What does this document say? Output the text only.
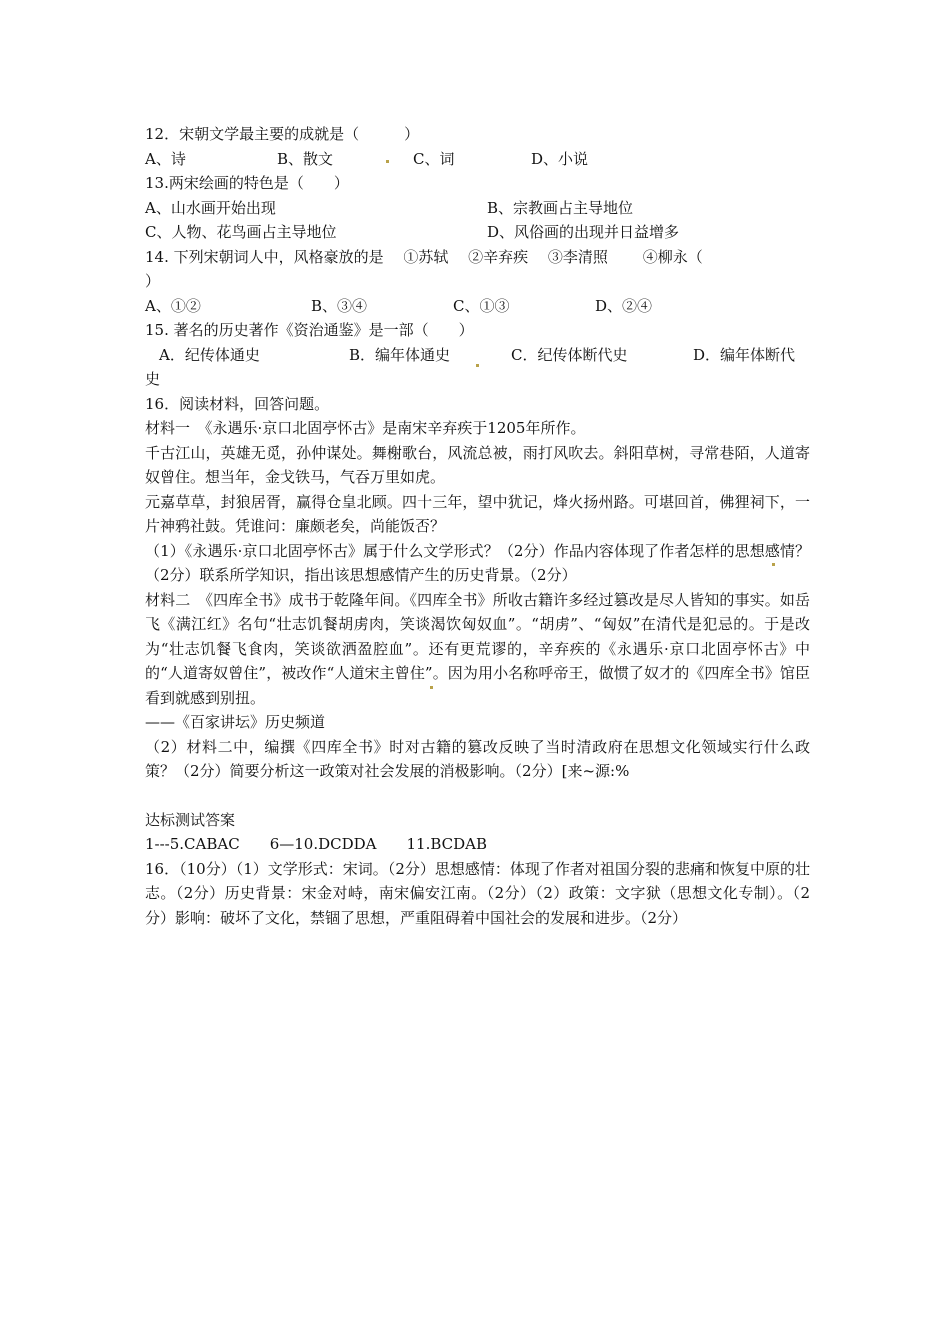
12．宋朝文学最主要的成就是（　　　）
A、诗	B、散文	C、词	D、小说
13.两宋绘画的特色是（　　）
A、山水画开始出现	B、宗教画占主导地位
C、人物、花鸟画占主导地位	D、风俗画的出现并日益增多
14. 下列宋朝词人中，风格豪放的是　 ①苏轼　 ②辛弃疾　 ③李清照　　 ④柳永（
）
A、①②	B、③④	C、①③	D、②④
15. 著名的历史著作《资治通鉴》是一部（　　）
A．纪传体通史	B．编年体通史	C．纪传体断代史	D．编年体断代
史
16．阅读材料，回答问题。
材料一　《永遇乐·京口北固亭怀古》是南宋辛弃疾于1205年所作。
千古江山，英雄无觅，孙仲谋处。舞榭歌台，风流总被，雨打风吹去。斜阳草树，寻常巷陌，人道寄奴曾住。想当年，金戈铁马，气吞万里如虎。
元嘉草草，封狼居胥，赢得仓皇北顾。四十三年，望中犹记，烽火扬州路。可堪回首，佛狸祠下，一片神鸦社鼓。凭谁问：廉颇老矣，尚能饭否？
（1）《永遇乐·京口北固亭怀古》属于什么文学形式？（2分）作品内容体现了作者怎样的思想感情？（2分）联系所学知识，指出该思想感情产生的历史背景。（2分）
材料二　《四库全书》成书于乾隆年间。《四库全书》所收古籍许多经过篡改是尽人皆知的事实。如岳飞《满江红》名句“壮志饥餐胡虏肉，笑谈渴饮匈奴血”。“胡虏”、“匈奴”在清代是犯忌的。于是改为“壮志饥餐飞食肉，笑谈欲洒盈腔血”。还有更荒谬的，辛弃疾的《永遇乐·京口北固亭怀古》中的“人道寄奴曾住”，被改作“人道宋主曾住”。因为用小名称呼帝王，做惯了奴才的《四库全书》馆臣看到就感到别扭。
——《百家讲坛》历史频道
（2）材料二中，编撰《四库全书》时对古籍的篡改反映了当时清政府在思想文化领域实行什么政策？（2分）简要分析这一政策对社会发展的消极影响。（2分）[来~源:%
达标测试答案
1---5.CABAC　　6—10.DCDDA　　11.BCDAB
16．（10分）（1）文学形式：宋词。（2分）思想感情：体现了作者对祖国分裂的悲痛和恢复中原的壮志。（2分）历史背景：宋金对峙，南宋偏安江南。（2分）（2）政策：文字狱（思想文化专制）。（2分）影响：破坏了文化，禁锢了思想，严重阻碍着中国社会的发展和进步。（2分）
